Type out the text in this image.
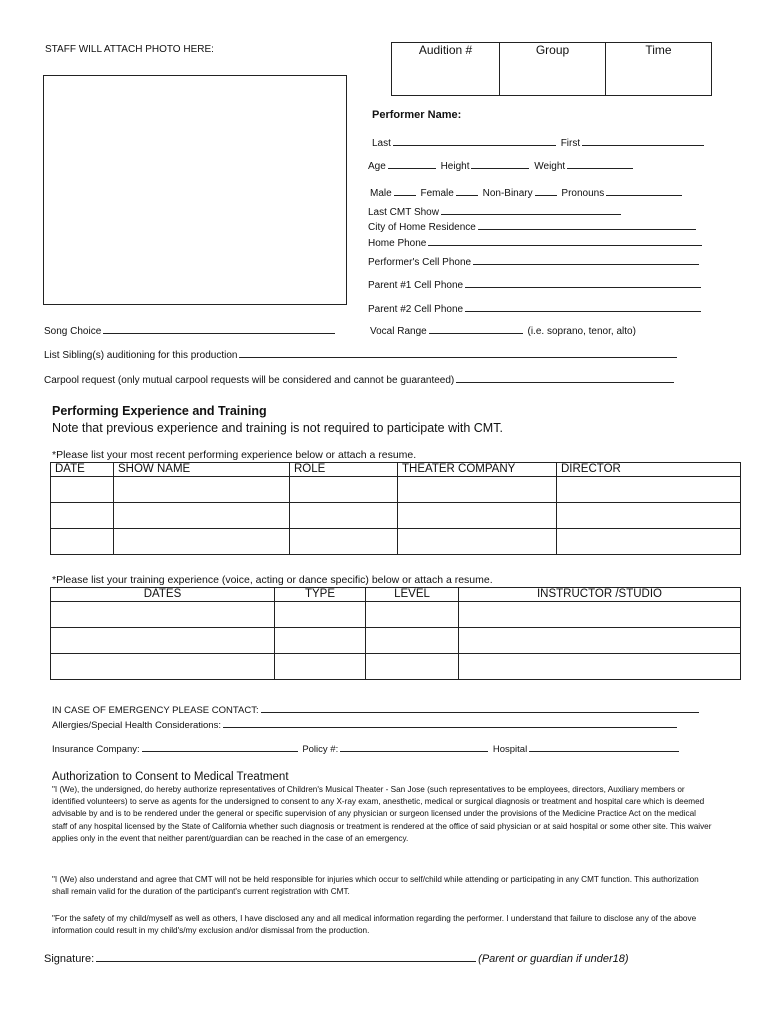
STAFF WILL ATTACH PHOTO HERE:	Audition #	Group	Time
Performer Name:
Last	First
Age	Height	Weight
Male	Female	Non-Binary	Pronouns
Last CMT Show
City of Home Residence
Home Phone
Performer's Cell Phone
Parent #1 Cell Phone
Parent #2 Cell Phone
Song Choice	Vocal Range	(i.e. soprano, tenor, alto)
List Sibling(s) auditioning for this production
Carpool request (only mutual carpool requests will be considered and cannot be guaranteed)
Performing Experience and Training
Note that previous experience and training is not required to participate with CMT.
*Please list your most recent performing experience below or attach a resume.
DATE	SHOW NAME	ROLE	THEATER COMPANY	DIRECTOR

*Please list your training experience (voice, acting or dance specific) below or attach a resume.
DATES	TYPE	LEVEL	INSTRUCTOR /STUDIO

IN CASE OF EMERGENCY PLEASE CONTACT:
Allergies/Special Health Considerations:
Insurance Company:	Policy #:	Hospital
Authorization to Consent to Medical Treatment
"I (We), the undersigned, do hereby authorize representatives of Children's Musical Theater - San Jose (such representatives to be employees, directors, Auxiliary members or identified volunteers) to serve as agents for the undersigned to consent to any X-ray exam, anesthetic, medical or surgical diagnosis or treatment and hospital care which is deemed advisable by and is to be rendered under the general or specific supervision of any physician or surgeon licensed under the provisions of the Medicine Practice Act on the medical staff of any hospital licensed by the State of California whether such diagnosis or treatment is rendered at the office of said physician or at said hospital or some other site. This waiver applies only in the event that neither parent/guardian can be reached in the case of an emergency.
"I (We) also understand and agree that CMT will not be held responsible for injuries which occur to self/child while attending or participating in any CMT function. This authorization shall remain valid for the duration of the participant's current registration with CMT.
"For the safety of my child/myself as well as others, I have disclosed any and all medical information regarding the performer. I understand that failure to disclose any of the above information could result in my child's/my exclusion and/or dismissal from the production.
Signature:	(Parent or guardian if under18)
